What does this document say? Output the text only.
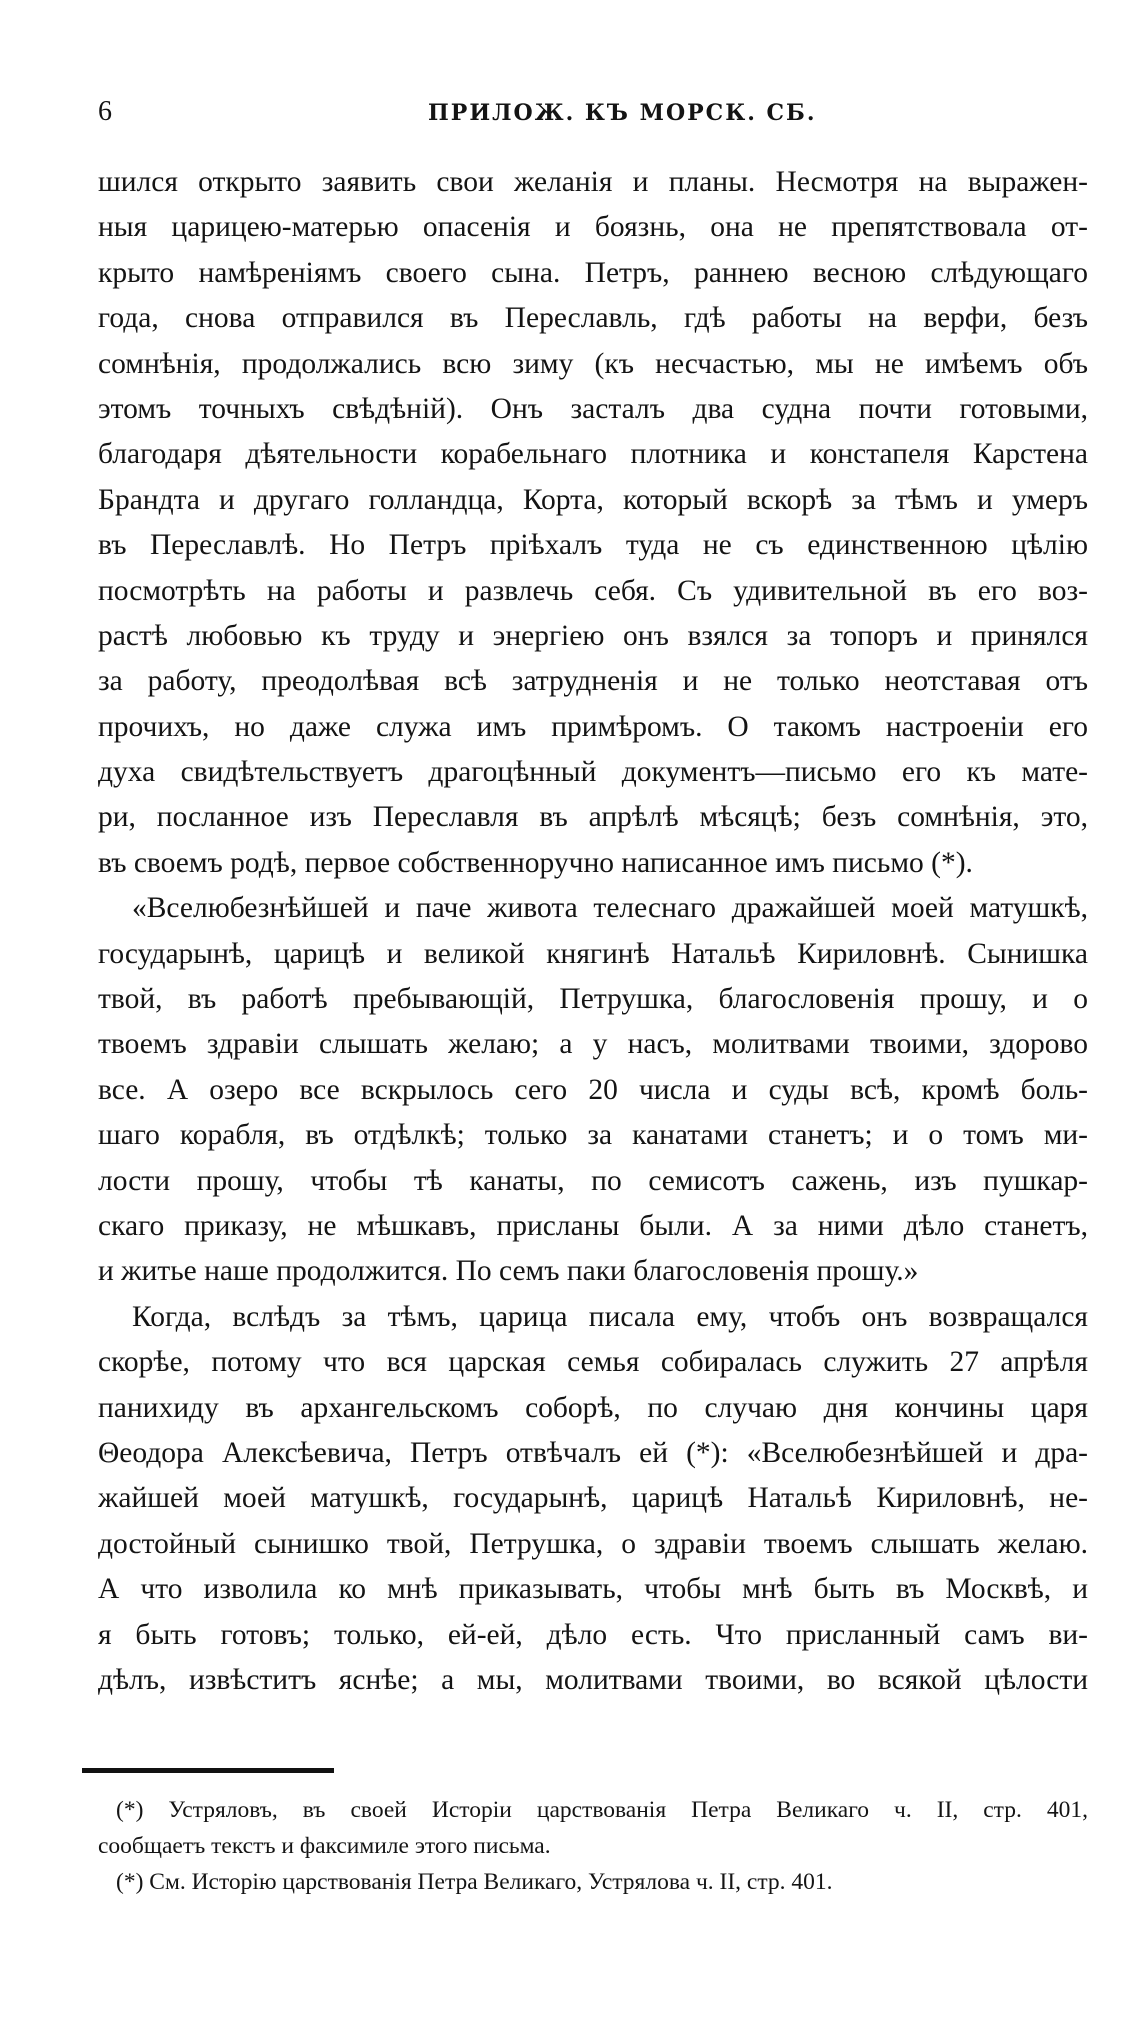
6	ПРИЛОЖ. КЪ МОРСК. СБ.
шился открыто заявить свои желанія и планы. Несмотря на выражен-
ныя царицею-матерью опасенія и боязнь, она не препятствовала от-
крыто намѣреніямъ своего сына. Петръ, раннею весною слѣдующаго
года, снова отправился въ Переславль, гдѣ работы на верфи, безъ
сомнѣнія, продолжались всю зиму (къ несчастью, мы не имѣемъ объ
этомъ точныхъ свѣдѣній). Онъ засталъ два судна почти готовыми,
благодаря дѣятельности корабельнаго плотника и констапеля Карстена
Брандта и другаго голландца, Корта, который вскорѣ за тѣмъ и умеръ
въ Переславлѣ. Но Петръ пріѣхалъ туда не съ единственною цѣлію
посмотрѣть на работы и развлечь себя. Съ удивительной въ его воз-
растѣ любовью къ труду и энергіею онъ взялся за топоръ и принялся
за работу, преодолѣвая всѣ затрудненія и не только неотставая отъ
прочихъ, но даже служа имъ примѣромъ. О такомъ настроеніи его
духа свидѣтельствуетъ драгоцѣнный документъ—письмо его къ мате-
ри, посланное изъ Переславля въ апрѣлѣ мѣсяцѣ; безъ сомнѣнія, это,
въ своемъ родѣ, первое собственноручно написанное имъ письмо (*).
«Вселюбезнѣйшей и паче живота телеснаго дражайшей моей матушкѣ,
государынѣ, царицѣ и великой княгинѣ Натальѣ Кириловнѣ. Сынишка
твой, въ работѣ пребывающій, Петрушка, благословенія прошу, и о
твоемъ здравіи слышать желаю; а у насъ, молитвами твоими, здорово
все. А озеро все вскрылось сего 20 числа и суды всѣ, кромѣ боль-
шаго корабля, въ отдѣлкѣ; только за канатами станетъ; и о томъ ми-
лости прошу, чтобы тѣ канаты, по семисотъ сажень, изъ пушкар-
скаго приказу, не мѣшкавъ, присланы были. А за ними дѣло станетъ,
и житье наше продолжится. По семъ паки благословенія прошу.»
Когда, вслѣдъ за тѣмъ, царица писала ему, чтобъ онъ возвращался
скорѣе, потому что вся царская семья собиралась служить 27 апрѣля
панихиду въ архангельскомъ соборѣ, по случаю дня кончины царя
Θеодора Алексѣевича, Петръ отвѣчалъ ей (*): «Вселюбезнѣйшей и дра-
жайшей моей матушкѣ, государынѣ, царицѣ Натальѣ Кириловнѣ, не-
достойный сынишко твой, Петрушка, о здравіи твоемъ слышать желаю.
А что изволила ко мнѣ приказывать, чтобы мнѣ быть въ Москвѣ, и
я быть готовъ; только, ей-ей, дѣло есть. Что присланный самъ ви-
дѣлъ, извѣститъ яснѣе; а мы, молитвами твоими, во всякой цѣлости
(*) Устряловъ, въ своей Исторіи царствованія Петра Великаго ч. II, стр. 401,
сообщаетъ текстъ и факсимиле этого письма.
(*) См. Исторію царствованія Петра Великаго, Устрялова ч. II, стр. 401.
